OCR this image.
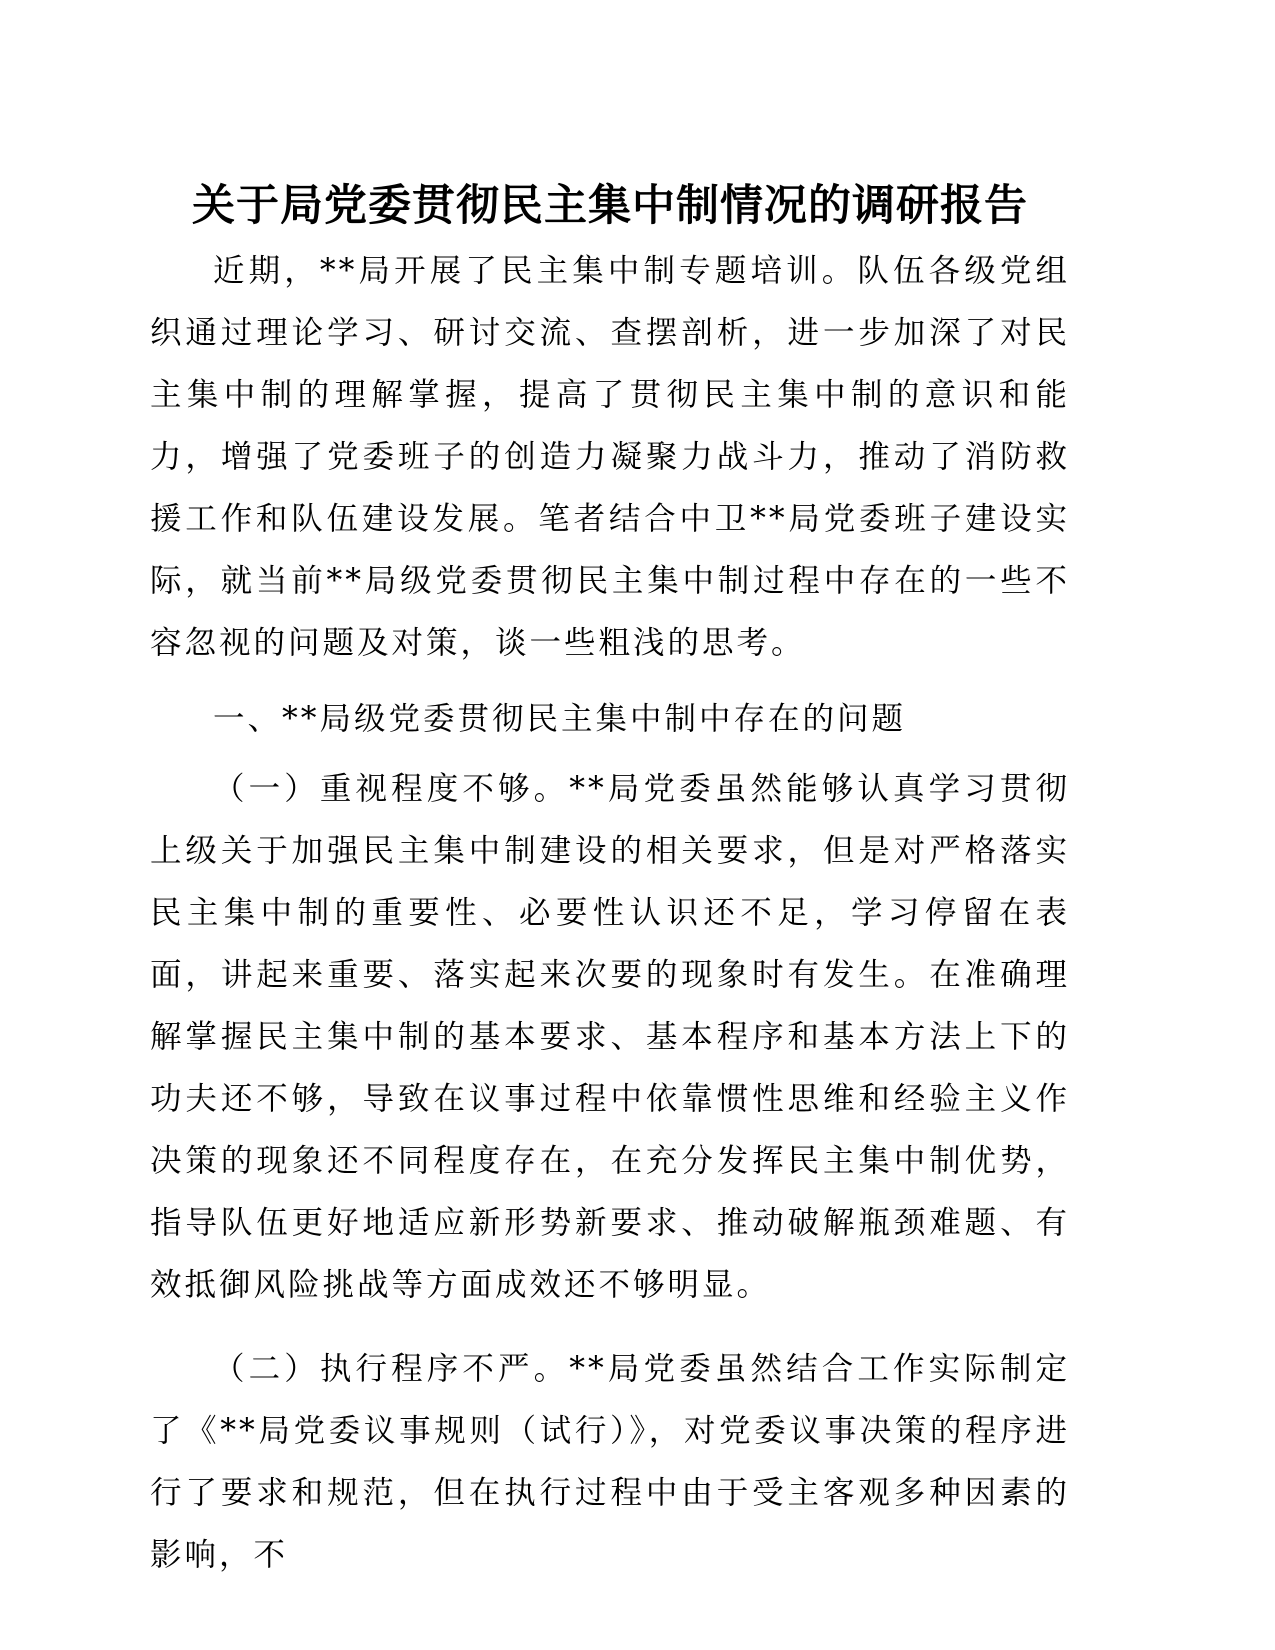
关于局党委贯彻民主集中制情况的调研报告

近期，**局开展了民主集中制专题培训。队伍各级党组织通过理论学习、研讨交流、查摆剖析，进一步加深了对民主集中制的理解掌握，提高了贯彻民主集中制的意识和能力，增强了党委班子的创造力凝聚力战斗力，推动了消防救援工作和队伍建设发展。笔者结合中卫**局党委班子建设实际，就当前**局级党委贯彻民主集中制过程中存在的一些不容忽视的问题及对策，谈一些粗浅的思考。

一、**局级党委贯彻民主集中制中存在的问题

（一）重视程度不够。**局党委虽然能够认真学习贯彻上级关于加强民主集中制建设的相关要求，但是对严格落实民主集中制的重要性、必要性认识还不足，学习停留在表面，讲起来重要、落实起来次要的现象时有发生。在准确理解掌握民主集中制的基本要求、基本程序和基本方法上下的功夫还不够，导致在议事过程中依靠惯性思维和经验主义作决策的现象还不同程度存在，在充分发挥民主集中制优势，指导队伍更好地适应新形势新要求、推动破解瓶颈难题、有效抵御风险挑战等方面成效还不够明显。

（二）执行程序不严。**局党委虽然结合工作实际制定了《**局党委议事规则（试行）》，对党委议事决策的程序进行了要求和规范，但在执行过程中由于受主客观多种因素的影响，不
